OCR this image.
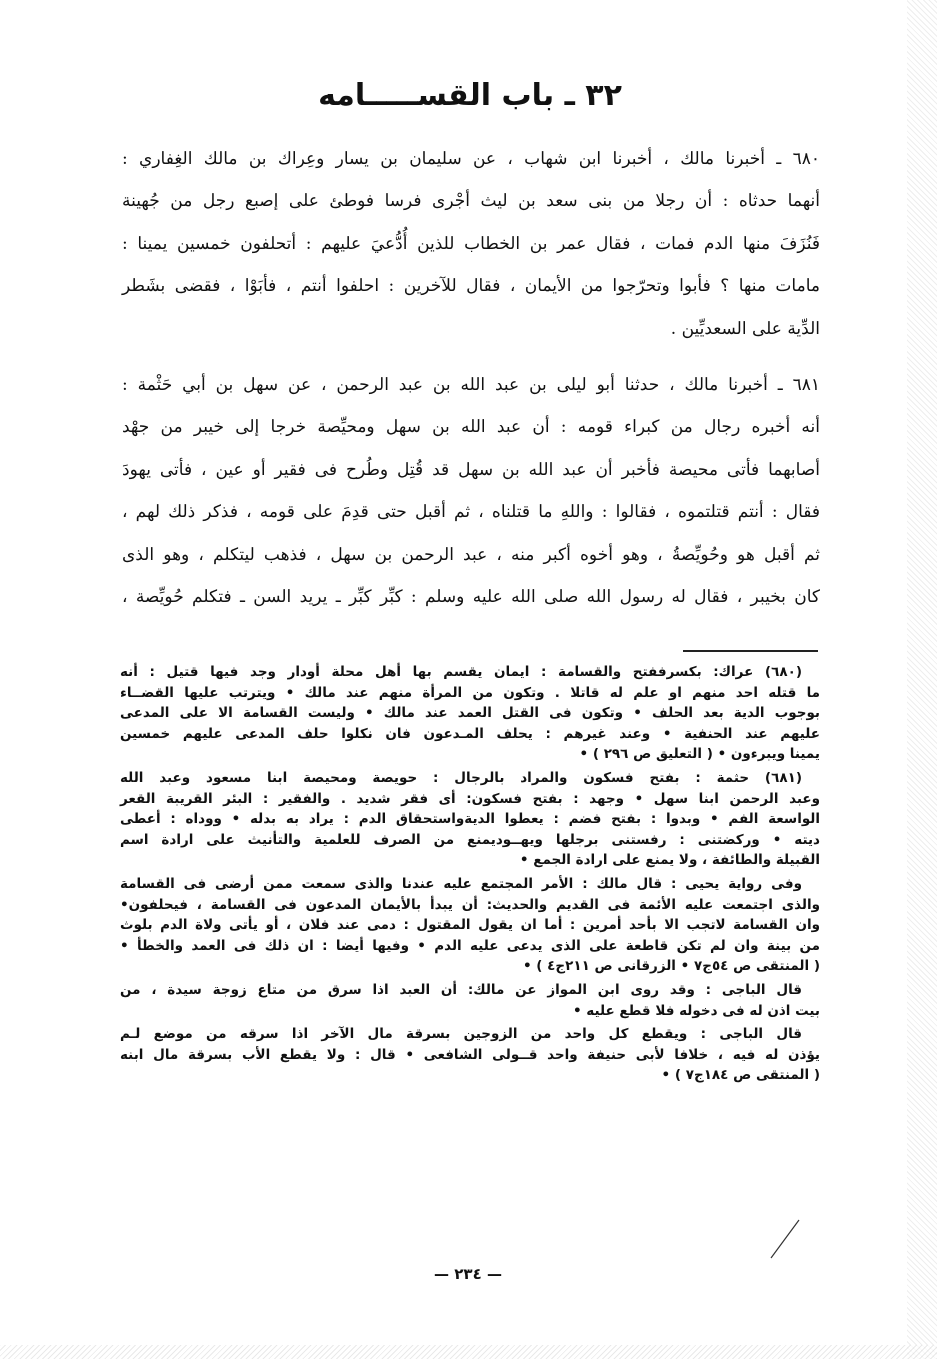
٣٢ ـ باب القســـــامه

٦٨٠ ـ أخبرنا مالك ، أخبرنا ابن شهاب ، عن سليمان بن يسار وعِراك بن مالك الغِفاري :
أنهما حدثاه : أن رجلا من بنى سعد بن ليث أجْرى فرسا فوطئ على إصبع رجل من جُهينة
فَنُزَفَ منها الدم فمات ، فقال عمر بن الخطاب للذين أُدُّعيَ عليهم : أتحلفون خمسين يمينا :
مامات منها ؟ فأبوا وتحرّجوا من الأيمان ، فقال للآخرين : احلفوا أنتم ، فأبَوْا ، فقضى بشَطر
الدِّية على السعديِّين .

٦٨١ ـ أخبرنا مالك ، حدثنا أبو ليلى بن عبد الله بن عبد الرحمن ، عن سهل بن أبي حَثْمة :
أنه أخبره رجال من كبراء قومه : أن عبد الله بن سهل ومحيِّصة خرجا إلى خيبر من جهْد
أصابهما فأتى محيصة فأخبر أن عبد الله بن سهل قد قُتِل وطُرح فى فقير أو عين ، فأتى يهودَ
فقال : أنتم قتلتموه ، فقالوا : واللهِ ما قتلناه ، ثم أقبل حتى قدِمَ على قومه ، فذكر ذلك لهم ،
ثم أقبل هو وحُويِّصةُ ، وهو أخوه أكبر منه ، عبد الرحمن بن سهل ، فذهب ليتكلم ، وهو الذى
كان بخيبر ، فقال له رسول الله صلى الله عليه وسلم : كبِّر كبِّر ـ يريد السن ـ فتكلم حُويِّصة ،

(٦٨٠) عراك: بكسرففتح والقسامة : ايمان يقسم بها أهل محلة أودار وجد فيها قتيل : أنه
ما قتله احد منهم او علم له قاتلا . وتكون من المرأة منهم عند مالك • ويترتب عليها القضــاء
بوجوب الدية بعد الحلف • وتكون فى القتل العمد عند مالك • وليست القسامة الا على المدعى
عليهم عند الحنفية • وعند غيرهم : يحلف المـدعون فان نكلوا حلف المدعى عليهم خمسين
يمينا ويبرءون • ( التعليق ص ٢٩٦ ) •
(٦٨١) حثمة : بفتح فسكون والمراد بالرجال : حويصة ومحيصة ابنا مسعود وعبد الله
وعبد الرحمن ابنا سهل • وجهد : بفتح فسكون: أى فقر شديد . والفقير : البئر القريبة القعر
الواسعة الفم • وبدوا : بفتح فضم : يعطوا الديةواستحقاق الدم : يراد به بدله • ووداه : أعطى
ديته • وركضتنى : رفستنى برجلها ويهــوديمنع من الصرف للعلمية والتأنيث على ارادة اسم
القبيلة والطائفة ، ولا يمنع على ارادة الجمع •
وفى رواية يحيى : قال مالك : الأمر المجتمع عليه عندنا والذى سمعت ممن أرضى فى القسامة
والذى اجتمعت عليه الأئمة فى القديم والحديث: أن يبدأ بالأيمان المدعون فى القسامة ، فيحلفون•
وان القسامة لاتجب الا بأحد أمرين : أما ان يقول المقتول : دمى عند فلان ، أو يأتى ولاة الدم بلوث
من بينة وان لم تكن قاطعة على الذى يدعى عليه الدم • وفيها أيضا : ان ذلك فى العمد والخطأ •
( المنتقى ص ٥٤ج٧ • الزرقانى ص ٢١١ج٤ ) •
قال الباجى : وقد روى ابن المواز عن مالك: أن العبد اذا سرق من متاع زوجة سيدة ، من
بيت اذن له فى دخوله فلا قطع عليه •
قال الباجى : ويقطع كل واحد من الزوجين بسرقة مال الآخر اذا سرقه من موضع لـم
يؤذن له فيه ، خلافا لأبى حنيفة واحد قــولى الشافعى • قال : ولا يقطع الأب بسرقة مال ابنه
( المنتقى ص ١٨٤ج٧ ) •
— ٢٣٤ —
